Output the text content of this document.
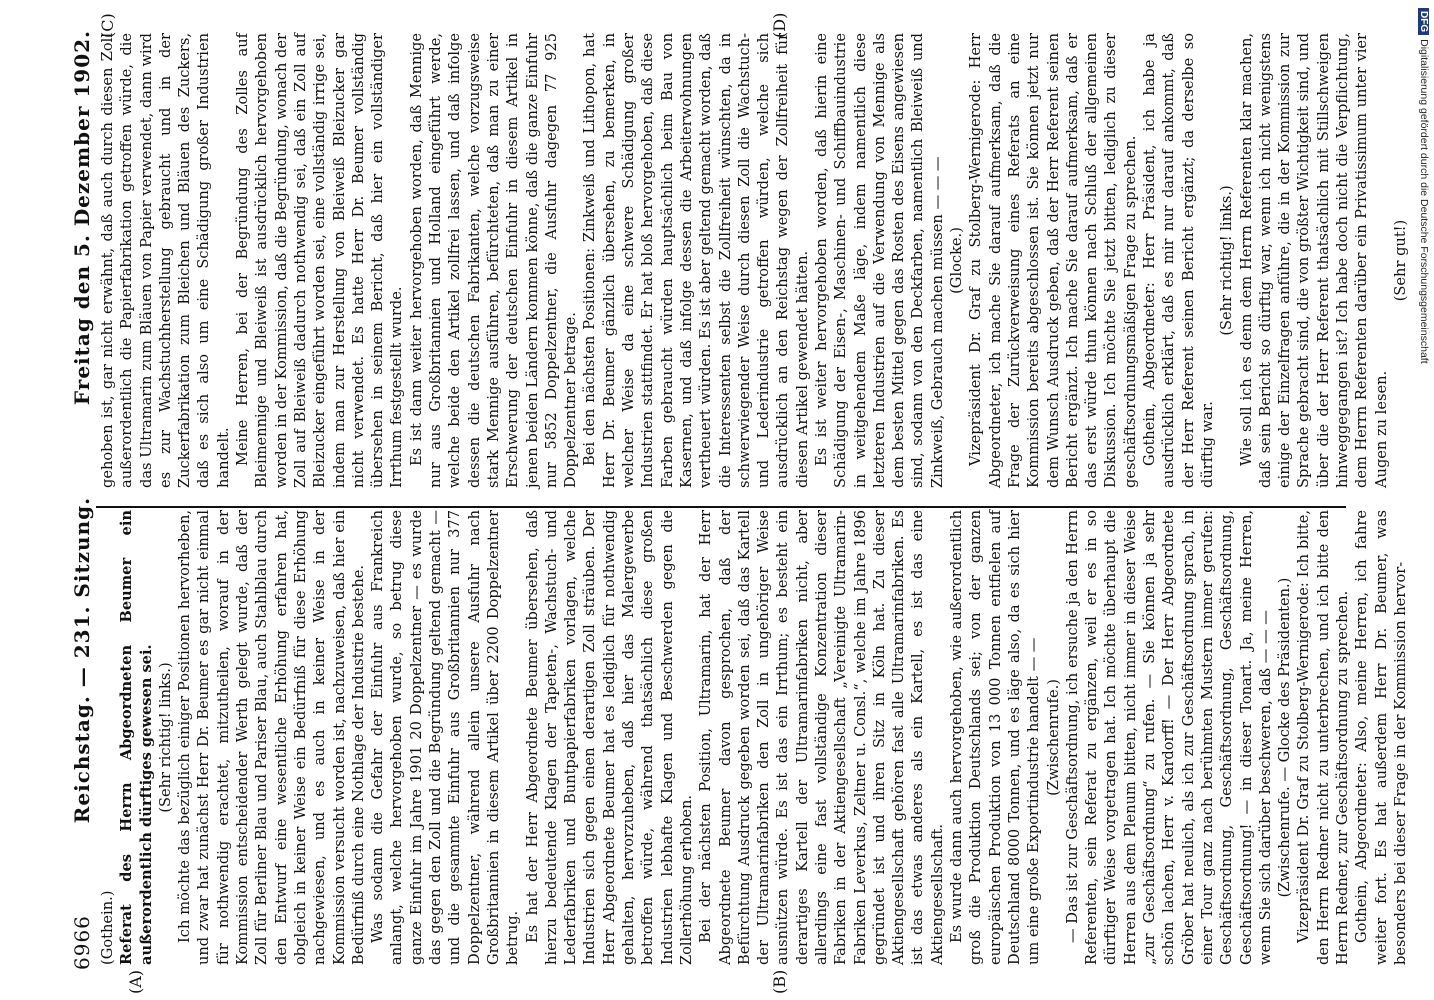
6966
Reichstag. — 231. Sitzung.
Freitag den 5. Dezember 1902.
(A)	(B)
(C)	(D)

(Gothein.) Referat des Herrn Abgeordneten Beumer ein außerordentlich dürftiges gewesen sei. (Sehr richtig! links.) Ich möchte das bezüglich einiger Positionen hervorheben, und zwar hat zunächst Herr Dr. Beumer es gar nicht einmal für nothwendig erachtet, mitzutheilen, worauf in der Kommission entscheidender Werth gelegt wurde, daß der Zoll für Berliner Blau und Pariser Blau, auch Stahlblau durch den Entwurf eine wesentliche Erhöhung erfahren hat, obgleich in keiner Weise ein Bedürfniß für diese Erhöhung nachgewiesen, und es auch in keiner Weise in der Kommission versucht worden ist, nachzuweisen, daß hier ein Bedürfniß durch eine Nothlage der Industrie bestehe. Was sodann die Gefahr der Einfuhr aus Frankreich anlangt, welche hervorgehoben wurde, so betrug diese ganze Einfuhr im Jahre 1901 20 Doppelzentner — es wurde das gegen den Zoll und die Begründung geltend gemacht — und die gesammte Einfuhr aus Großbritannien nur 377 Doppelzentner, während allein unsere Ausfuhr nach Großbritannien in diesem Artikel über 2200 Doppelzentner betrug. Es hat der Herr Abgeordnete Beumer übersehen, daß hierzu bedeutende Klagen der Tapeten-, Wachstuch- und Lederfabriken und Buntpapierfabriken vorlagen, welche Industrien sich gegen einen derartigen Zoll sträuben. Der Herr Abgeordnete Beumer hat es lediglich für nothwendig gehalten, hervorzuheben, daß hier das Malergewerbe betroffen würde, während thatsächlich diese großen Industrien lebhafte Klagen und Beschwerden gegen die Zollerhöhung erhoben. Bei der nächsten Position, Ultramarin, hat der Herr Abgeordnete Beumer davon gesprochen, daß der Befürchtung Ausdruck gegeben worden sei, daß das Kartell der Ultramarinfabriken den Zoll in ungehöriger Weise ausnützen würde. Es ist das ein Irrthum; es besteht ein derartiges Kartell der Ultramarinfabriken nicht, aber allerdings eine fast vollständige Konzentration dieser Fabriken in der Aktiengesellschaft „Vereinigte Ultramarin-Fabriken Leverkus, Zeltner u. Consl.“, welche im Jahre 1896 gegründet ist und ihren Sitz in Köln hat. Zu dieser Aktiengesellschaft gehören fast alle Ultramarinfabriken. Es ist das etwas anderes als ein Kartell, es ist das eine Aktiengesellschaft. Es wurde dann auch hervorgehoben, wie außerordentlich groß die Produktion Deutschlands sei; von der ganzen europäischen Produktion von 13 000 Tonnen entfielen auf Deutschland 8000 Tonnen, und es läge also, da es sich hier um eine große Exportindustrie handelt — — (Zwischenrufe.) — Das ist zur Geschäftsordnung, ich ersuche ja den Herrn Referenten, sein Referat zu ergänzen, weil er es in so dürftiger Weise vorgetragen hat. Ich möchte überhaupt die Herren aus dem Plenum bitten, nicht immer in dieser Weise „zur Geschäftsordnung“ zu rufen. — Sie können ja sehr schön lachen, Herr v. Kardorff! — Der Herr Abgeordnete Gröber hat neulich, als ich zur Geschäftsordnung sprach, in einer Tour ganz nach berühmten Mustern immer gerufen: Geschäftsordnung, Geschäftsordnung, Geschäftsordnung, Geschäftsordnung! — in dieser Tonart. Ja, meine Herren, wenn Sie sich darüber beschweren, daß — — — (Zwischenrufe. — Glocke des Präsidenten.) Vizepräsident Dr. Graf zu Stolberg-Wernigerode: Ich bitte, den Herrn Redner nicht zu unterbrechen, und ich bitte den Herrn Redner, zur Geschäftsordnung zu sprechen. Gothein, Abgeordneter: Also, meine Herren, ich fahre weiter fort. Es hat außerdem Herr Dr. Beumer, was besonders bei dieser Frage in der Kommission hervor-

gehoben ist, gar nicht erwähnt, daß auch durch diesen Zoll außerordentlich die Papierfabrikation getroffen würde, die das Ultramarin zum Bläuen von Papier verwendet, dann wird es zur Wachstuchherstellung gebraucht und in der Zuckerfabrikation zum Bleichen und Bläuen des Zuckers, daß es sich also um eine Schädigung großer Industrien handelt. Meine Herren, bei der Begründung des Zolles auf Bleimennige und Bleiweiß ist ausdrücklich hervorgehoben worden in der Kommission, daß die Begründung, wonach der Zoll auf Bleiweiß dadurch nothwendig sei, daß ein Zoll auf Bleizucker eingeführt worden sei, eine vollständig irrige sei, indem man zur Herstellung von Bleiweiß Bleizucker gar nicht verwendet. Es hatte Herr Dr. Beumer vollständig übersehen in seinem Bericht, daß hier ein vollständiger Irrthum festgestellt wurde. Es ist dann weiter hervorgehoben worden, daß Mennige nur aus Großbritannien und Holland eingeführt werde, welche beide den Artikel zollfrei lassen, und daß infolge dessen die deutschen Fabrikanten, welche vorzugsweise stark Mennige ausführen, befürchteten, daß man zu einer Erschwerung der deutschen Einfuhr in diesem Artikel in jenen beiden Ländern kommen könne, daß die ganze Einfuhr nur 5852 Doppelzentner, die Ausfuhr dagegen 77 925 Doppelzentner betrage. Bei den nächsten Positionen: Zinkweiß und Lithopon, hat Herr Dr. Beumer gänzlich übersehen, zu bemerken, in welcher Weise da eine schwere Schädigung großer Industrien stattfindet. Er hat bloß hervorgehoben, daß diese Farben gebraucht würden hauptsächlich beim Bau von Kasernen, und daß infolge dessen die Arbeiterwohnungen vertheuert würden. Es ist aber geltend gemacht worden, daß die Interessenten selbst die Zollfreiheit wünschten, da in schwerwiegender Weise durch diesen Zoll die Wachstuch- und Lederindustrie getroffen würden, welche sich ausdrücklich an den Reichstag wegen der Zollfreiheit für diesen Artikel gewendet hätten. Es ist weiter hervorgehoben worden, daß hierin eine Schädigung der Eisen-, Maschinen- und Schiffbauindustrie in weitgehendem Maße läge, indem namentlich diese letzteren Industrien auf die Verwendung von Mennige als dem besten Mittel gegen das Rosten des Eisens angewiesen sind, sodann von den Deckfarben, namentlich Bleiweiß und Zinkweiß, Gebrauch machen müssen — — — (Glocke.) Vizepräsident Dr. Graf zu Stolberg-Wernigerode: Herr Abgeordneter, ich mache Sie darauf aufmerksam, daß die Frage der Zurückverweisung eines Referats an eine Kommission bereits abgeschlossen ist. Sie können jetzt nur dem Wunsch Ausdruck geben, daß der Herr Referent seinen Bericht ergänzt. Ich mache Sie darauf aufmerksam, daß er das erst würde thun können nach Schluß der allgemeinen Diskussion. Ich möchte Sie jetzt bitten, lediglich zu dieser geschäftsordnungsmäßigen Frage zu sprechen. Gothein, Abgeordneter: Herr Präsident, ich habe ja ausdrücklich erklärt, daß es mir nur darauf ankommt, daß der Herr Referent seinen Bericht ergänzt; da derselbe so dürftig war.

(Sehr richtig! links.) Wie soll ich es denn dem Herrn Referenten klar machen, daß sein Bericht so dürftig war, wenn ich nicht wenigstens einige der Einzelfragen anführe, die in der Kommission zur Sprache gebracht sind, die von größter Wichtigkeit sind, und über die der Herr Referent thatsächlich mit Stillschweigen hinweggegangen ist? Ich habe doch nicht die Verpflichtung, dem Herrn Referenten darüber ein Privatissimum unter vier Augen zu lesen.

(Sehr gut!)

DFGDigitalisierung gefördert durch die Deutsche Forschungsgemeinschaft
